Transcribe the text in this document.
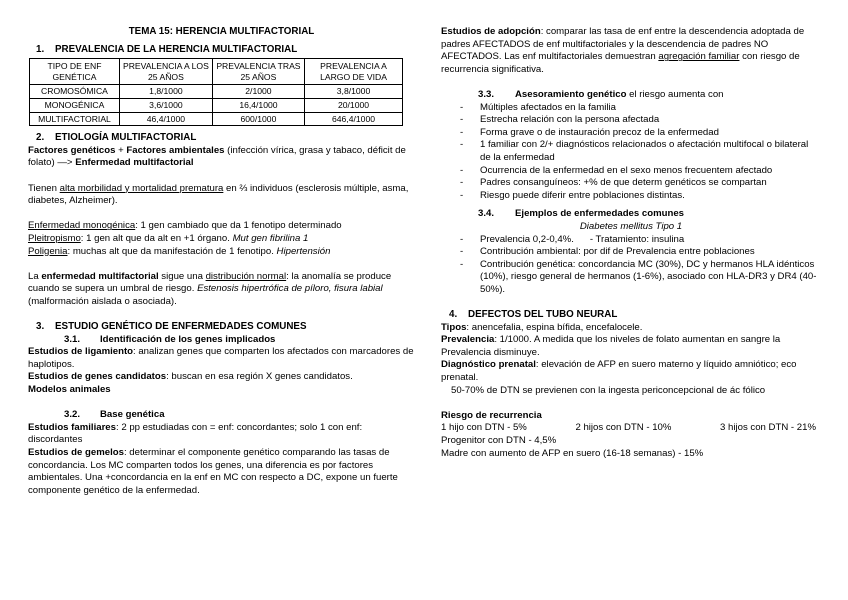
TEMA 15: HERENCIA MULTIFACTORIAL

1. PREVALENCIA DE LA HERENCIA MULTIFACTORIAL

TIPO DE ENF GENÉTICA	PREVALENCIA A LOS 25 AÑOS	PREVALENCIA TRAS 25 AÑOS	PREVALENCIA A LARGO DE VIDA
CROMOSÓMICA	1,8/1000	2/1000	3,8/1000
MONOGÉNICA	3,6/1000	16,4/1000	20/1000
MULTIFACTORIAL	46,4/1000	600/1000	646,4/1000

2. ETIOLOGÍA MULTIFACTORIAL

Factores genéticos + Factores ambientales (infección vírica, grasa y tabaco, déficit de folato) —> Enfermedad multifactorial

Tienen alta morbilidad y mortalidad prematura en ⅔ individuos (esclerosis múltiple, asma, diabetes, Alzheimer).

Enfermedad monogénica: 1 gen cambiado que da 1 fenotipo determinado

Pleitropismo: 1 gen alt que da alt en +1 órgano. Mut gen fibrilina 1

Poligenia: muchas alt que da manifestación de 1 fenotipo. Hipertensión

La enfermedad multifactorial sigue una distribución normal: la anomalía se produce cuando se supera un umbral de riesgo. Estenosis hipertrófica de píloro, fisura labial (malformación aislada o asociada).

3. ESTUDIO GENÉTICO DE ENFERMEDADES COMUNES

3.1. Identificación de los genes implicados

Estudios de ligamiento: analizan genes que comparten los afectados con marcadores de haplotipos.

Estudios de genes candidatos: buscan en esa región X genes candidatos.

Modelos animales

3.2. Base genética

Estudios familiares: 2 pp estudiadas con = enf: concordantes; solo 1 con enf: discordantes

Estudios de gemelos: determinar el componente genético comparando las tasas de concordancia. Los MC comparten todos los genes, una diferencia es por factores ambientales. Una +concordancia en la enf en MC con respecto a DC, expone un fuerte componente genético de la enfermedad.

Estudios de adopción: comparar las tasa de enf entre la descendencia adoptada de padres AFECTADOS de enf multifactoriales y la descendencia de padres NO AFECTADOS. Las enf multifactoriales demuestran agregación familiar con riesgo de recurrencia significativa.

3.3. Asesoramiento genético el riesgo aumenta con

- Múltiples afectados en la familia
- Estrecha relación con la persona afectada
- Forma grave o de instauración precoz de la enfermedad
- 1 familiar con 2/+ diagnósticos relacionados o afectación multifocal o bilateral de la enfermedad
- Ocurrencia de la enfermedad en el sexo menos frecuentem afectado
- Padres consanguíneos: +% de que determ genéticos se compartan
- Riesgo puede diferir entre poblaciones distintas.

3.4. Ejemplos de enfermedades comunes

Diabetes mellitus Tipo 1

- Prevalencia 0,2-0,4%.      - Tratamiento: insulina
- Contribución ambiental: por dif de Prevalencia entre poblaciones
- Contribución genética: concordancia MC (30%), DC y hermanos HLA idénticos (10%), riesgo general de hermanos (1-6%), asociado con HLA-DR3 y DR4 (40-50%).

4. DEFECTOS DEL TUBO NEURAL

Tipos: anencefalia, espina bífida, encefalocele.

Prevalencia: 1/1000. A medida que los niveles de folato aumentan en sangre la Prevalencia disminuye.

Diagnóstico prenatal: elevación de AFP en suero materno y líquido amniótico; eco prenatal.

50-70% de DTN se previenen con la ingesta periconcepcional de ác fólico

Riesgo de recurrencia

1 hijo con DTN - 5%	2 hijos con DTN - 10%	3 hijos con DTN - 21%

Progenitor con DTN - 4,5%

Madre con aumento de AFP en suero (16-18 semanas) - 15%
